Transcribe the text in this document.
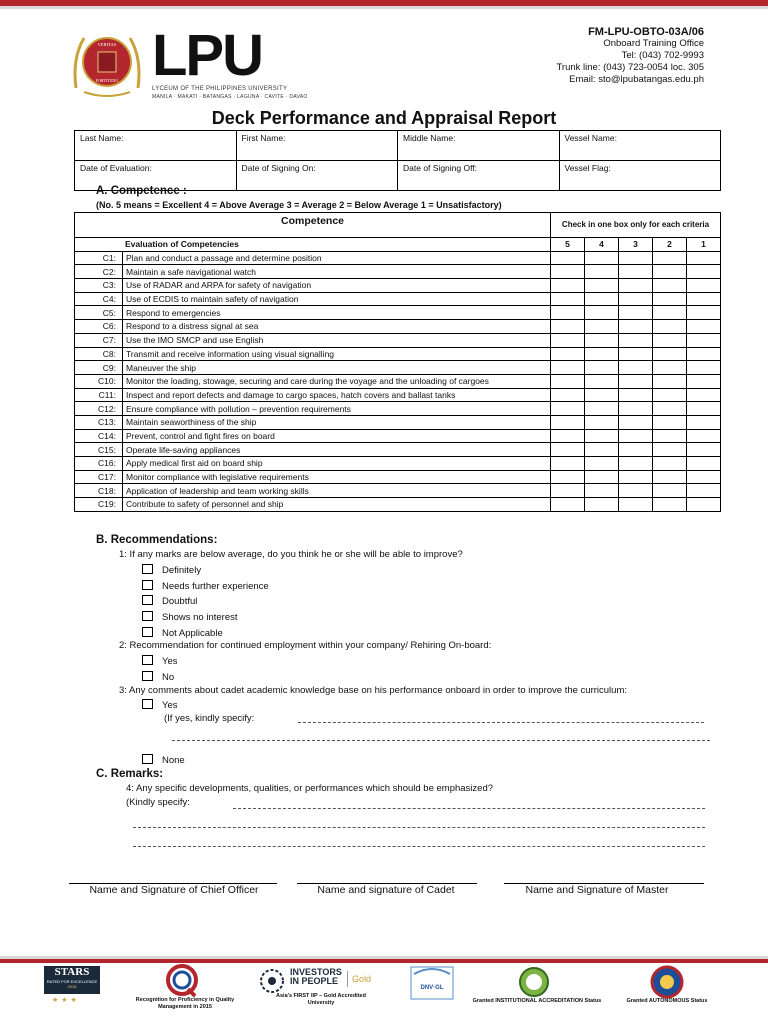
VERITAS
FORTITUDO LPU
LYCEUM OF THE PHILIPPINES UNIVERSITY
MANILA · MAKATI · BATANGAS · LAGUNA · CAVITE · DAVAO
FM-LPU-OBTO-03A/06
Onboard Training Office
Tel: (043) 702-9993
Trunk line: (043) 723-0054 loc. 305
Email: sto@lpubatangas.edu.ph
Deck Performance and Appraisal Report
Last Name:	First Name:	Middle Name:	Vessel Name:
Date of Evaluation:	Date of Signing On:	Date of Signing Off:	Vessel Flag:
A. Competence :
(No. 5 means = Excellent 4 = Above Average 3 = Average 2 = Below Average 1 = Unsatisfactory)
Competence		Check in one box only for each criteria				
Evaluation of Competencies		5	4	3	2	1
C1:	Plan and conduct a passage and determine position					
C2:	Maintain a safe navigational watch					
C3:	Use of RADAR and ARPA for safety of navigation					
C4:	Use of ECDIS to maintain safety of navigation					
C5:	Respond to emergencies					
C6:	Respond to a distress signal at sea					
C7:	Use the IMO SMCP and use English					
C8:	Transmit and receive information using visual signalling					
C9:	Maneuver the ship					
C10:	Monitor the loading, stowage, securing and care during the voyage and the unloading of cargoes					
C11:	Inspect and report defects and damage to cargo spaces, hatch covers and ballast tanks					
C12:	Ensure compliance with pollution – prevention requirements					
C13:	Maintain seaworthiness of the ship					
C14:	Prevent, control and fight fires on board					
C15:	Operate life-saving appliances					
C16:	Apply medical first aid on board ship					
C17:	Monitor compliance with legislative requirements					
C18:	Application of leadership and team working skills					
C19:	Contribute to safety of personnel and ship					
B. Recommendations:
1: If any marks are below average, do you think he or she will be able to improve?
Definitely
Needs further experience
Doubtful
Shows no interest
Not Applicable
2: Recommendation for continued employment within your company/ Rehiring On-board:
Yes
No
3: Any comments about cadet academic knowledge base on his performance onboard in order to improve the curriculum:
Yes
(If yes, kindly specify:
None
C. Remarks:
4: Any specific developments, qualities, or performances which should be emphasized?
(Kindly specify:
Name and Signature of Chief Officer	Name and signature of Cadet	Name and Signature of Master
STARS
RATED FOR EXCELLENCE
2016
★★★	Recognition for Proficiency in Quality Management in 2015
INVESTORS
IN PEOPLE	Gold
Asia's FIRST IIP – Gold Accredited University
DNV·GL
Granted INSTITUTIONAL ACCREDITATION Status	Granted AUTONOMOUS Status
